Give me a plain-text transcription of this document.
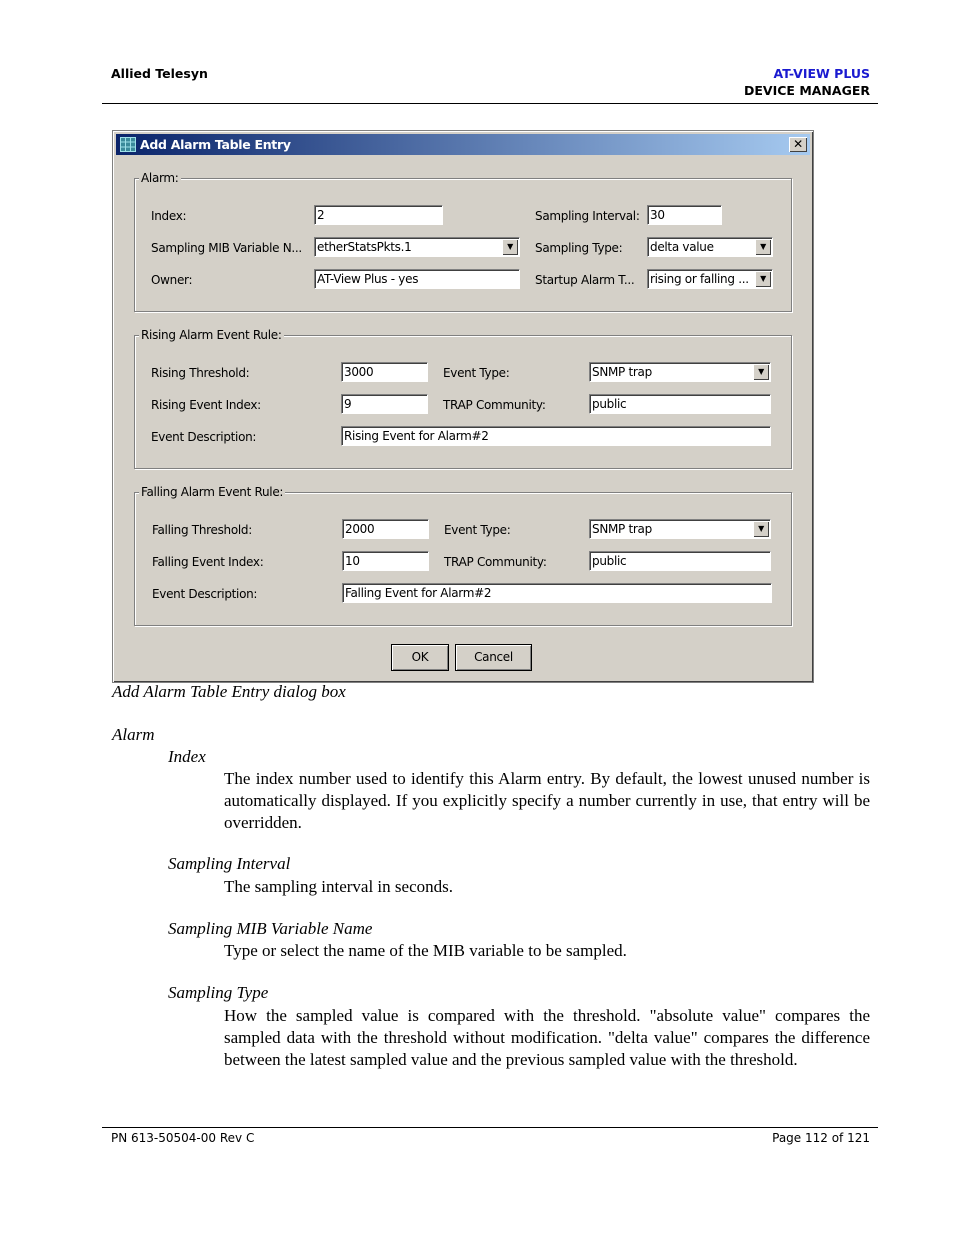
Allied Telesyn	AT-VIEW PLUS
DEVICE MANAGER
Add Alarm Table Entry	✕
Alarm:
Index:	2	Sampling Interval: 30
Sampling MIB Variable N... etherStatsPkts.1	▼	Sampling Type: delta value	▼
Owner:	AT-View Plus - yes	Startup Alarm T... rising or falling ...	▼
Rising Alarm Event Rule:
Rising Threshold:	3000	Event Type:	SNMP trap	▼
Rising Event Index:	9	TRAP Community:	public
Event Description:	Rising Event for Alarm#2
Falling Alarm Event Rule:
Falling Threshold:	2000	Event Type:	SNMP trap	▼
Falling Event Index:	10	TRAP Community:	public
Event Description:	Falling Event for Alarm#2
OK	Cancel
Add Alarm Table Entry dialog box
Alarm
Index
The index number used to identify this Alarm entry. By default, the lowest unused number is automatically displayed. If you explicitly specify a number currently in use, that entry will be overridden.
Sampling Interval
The sampling interval in seconds.
Sampling MIB Variable Name
Type or select the name of the MIB variable to be sampled.
Sampling Type
How the sampled value is compared with the threshold. "absolute value" compares the sampled data with the threshold without modification. "delta value" compares the difference between the latest sampled value and the previous sampled value with the threshold.
PN 613-50504-00 Rev C	Page 112 of 121
